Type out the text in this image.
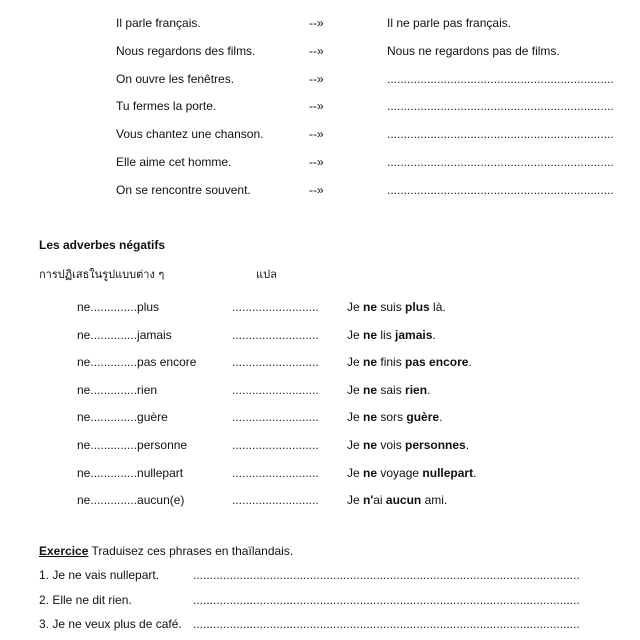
Il parle français.	--»	Il ne parle pas français.
Nous regardons des films.	--»	Nous ne regardons pas de films.
On ouvre les fenêtres.	--»	....................................................................
Tu fermes la porte.	--»	....................................................................
Vous chantez une chanson.	--»	....................................................................
Elle aime cet homme.	--»	....................................................................
On se rencontre souvent.	--»	....................................................................
Les adverbes négatifs
การปฏิเสธในรูปแบบต่าง ๆ	แปล
ne..............plus	.......................... Je ne suis plus là.
ne..............jamais	.......................... Je ne lis jamais.
ne..............pas encore	.......................... Je ne finis pas encore.
ne..............rien	.......................... Je ne sais rien.
ne..............guère	.......................... Je ne sors guère.
ne..............personne	.......................... Je ne vois personnes.
ne..............nullepart	.......................... Je ne voyage nullepart.
ne..............aucun(e)	.......................... Je n'ai aucun ami.
Exercice Traduisez ces phrases en thaïlandais.
1. Je ne vais nullepart.	....................................................................................................................
2. Elle ne dit rien.	....................................................................................................................
3. Je ne veux plus de café. ....................................................................................................................
